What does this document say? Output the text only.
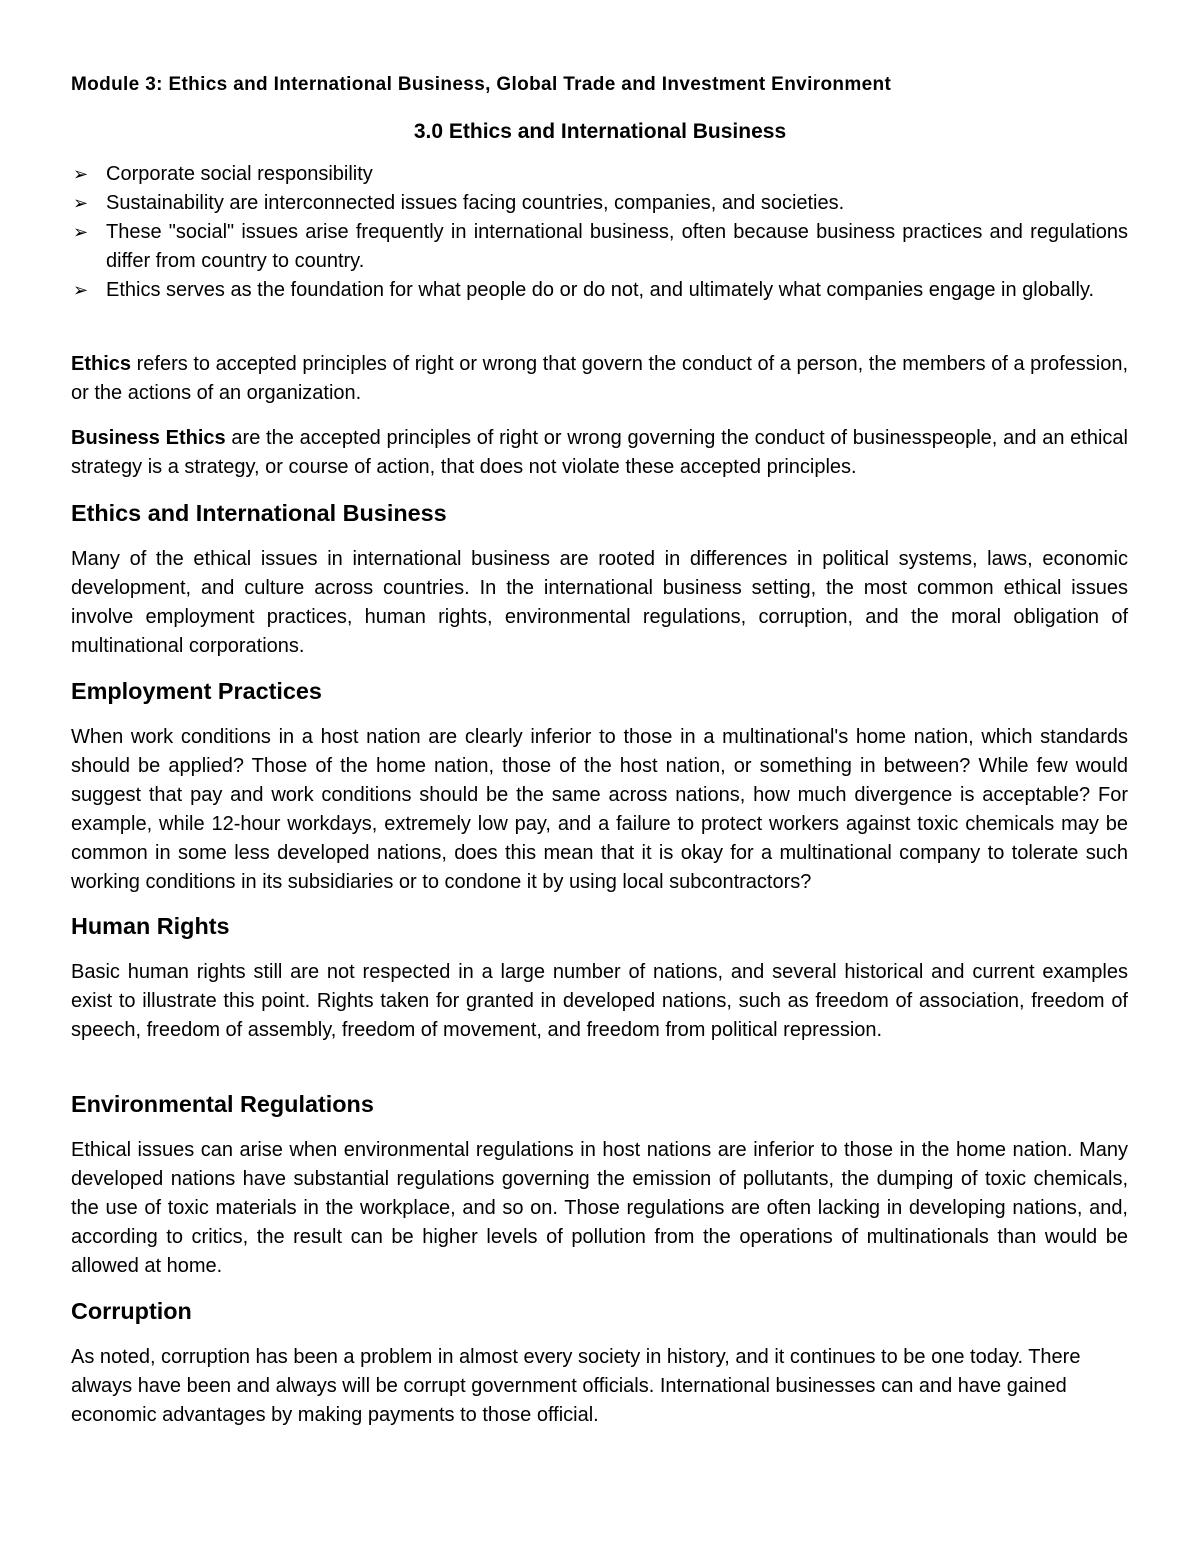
Module 3: Ethics and International Business, Global Trade and Investment Environment
3.0 Ethics and International Business
➢ Corporate social responsibility
➢ Sustainability are interconnected issues facing countries, companies, and societies.
➢ These "social" issues arise frequently in international business, often because business practices and regulations differ from country to country.
➢ Ethics serves as the foundation for what people do or do not, and ultimately what companies engage in globally.

Ethics refers to accepted principles of right or wrong that govern the conduct of a person, the members of a profession, or the actions of an organization.

Business Ethics are the accepted principles of right or wrong governing the conduct of businesspeople, and an ethical strategy is a strategy, or course of action, that does not violate these accepted principles.

Ethics and International Business

Many of the ethical issues in international business are rooted in differences in political systems, laws, economic development, and culture across countries. In the international business setting, the most common ethical issues involve employment practices, human rights, environmental regulations, corruption, and the moral obligation of multinational corporations.

Employment Practices

When work conditions in a host nation are clearly inferior to those in a multinational's home nation, which standards should be applied? Those of the home nation, those of the host nation, or something in between? While few would suggest that pay and work conditions should be the same across nations, how much divergence is acceptable? For example, while 12-hour workdays, extremely low pay, and a failure to protect workers against toxic chemicals may be common in some less developed nations, does this mean that it is okay for a multinational company to tolerate such working conditions in its subsidiaries or to condone it by using local subcontractors?

Human Rights

Basic human rights still are not respected in a large number of nations, and several historical and current examples exist to illustrate this point. Rights taken for granted in developed nations, such as freedom of association, freedom of speech, freedom of assembly, freedom of movement, and freedom from political repression.

Environmental Regulations

Ethical issues can arise when environmental regulations in host nations are inferior to those in the home nation. Many developed nations have substantial regulations governing the emission of pollutants, the dumping of toxic chemicals, the use of toxic materials in the workplace, and so on. Those regulations are often lacking in developing nations, and, according to critics, the result can be higher levels of pollution from the operations of multinationals than would be allowed at home.

Corruption

As noted, corruption has been a problem in almost every society in history, and it continues to be one today. There always have been and always will be corrupt government officials. International businesses can and have gained economic advantages by making payments to those official.
